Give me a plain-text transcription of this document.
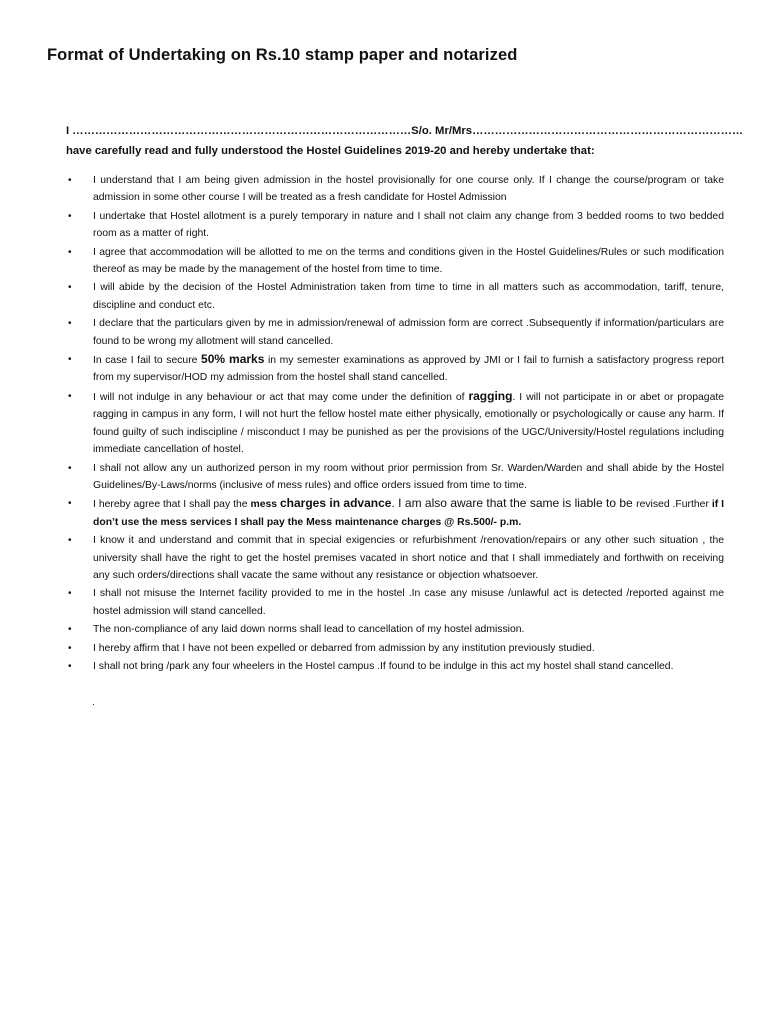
Format of Undertaking on Rs.10 stamp paper and notarized

I ………………………………………………………………………………S/o. Mr/Mrs………………………………………………………………

have carefully read and fully understood the Hostel Guidelines 2019-20 and hereby undertake that:

• I understand that I am being given admission in the hostel provisionally for one course only. If I change the course/program or take admission in some other course I will be treated as a fresh candidate for Hostel Admission
• I undertake that Hostel allotment is a purely temporary in nature and I shall not claim any change from 3 bedded rooms to two bedded room as a matter of right.
• I agree that accommodation will be allotted to me on the terms and conditions given in the Hostel Guidelines/Rules or such modification thereof as may be made by the management of the hostel from time to time.
• I will abide by the decision of the Hostel Administration taken from time to time in all matters such as accommodation, tariff, tenure, discipline and conduct etc.
• I declare that the particulars given by me in admission/renewal of admission form are correct .Subsequently if information/particulars are found to be wrong my allotment will stand cancelled.
• In case I fail to secure 50% marks in my semester examinations as approved by JMI or I fail to furnish a satisfactory progress report from my supervisor/HOD my admission from the hostel shall stand cancelled.
• I will not indulge in any behaviour or act that may come under the definition of ragging. I will not participate in or abet or propagate ragging in campus in any form, I will not hurt the fellow hostel mate either physically, emotionally or psychologically or cause any harm. If found guilty of such indiscipline / misconduct I may be punished as per the provisions of the UGC/University/Hostel regulations including immediate cancellation of hostel.
• I shall not allow any un authorized person in my room without prior permission from Sr. Warden/Warden and shall abide by the Hostel Guidelines/By-Laws/norms (inclusive of mess rules) and office orders issued from time to time.
• I hereby agree that I shall pay the mess charges in advance. I am also aware that the same is liable to be revised .Further if I don’t use the mess services I shall pay the Mess maintenance charges @ Rs.500/- p.m.
• I know it and understand and commit that in special exigencies or refurbishment /renovation/repairs or any other such situation , the university shall have the right to get the hostel premises vacated in short notice and that I shall immediately and forthwith on receiving any such orders/directions shall vacate the same without any resistance or objection whatsoever.
• I shall not misuse the Internet facility provided to me in the hostel .In case any misuse /unlawful act is detected /reported against me hostel admission will stand cancelled.
• The non-compliance of any laid down norms shall lead to cancellation of my hostel admission.
• I hereby affirm that I have not been expelled or debarred from admission by any institution previously studied.
• I shall not bring /park any four wheelers in the Hostel campus .If found to be indulge in this act my hostel shall stand cancelled.
.
